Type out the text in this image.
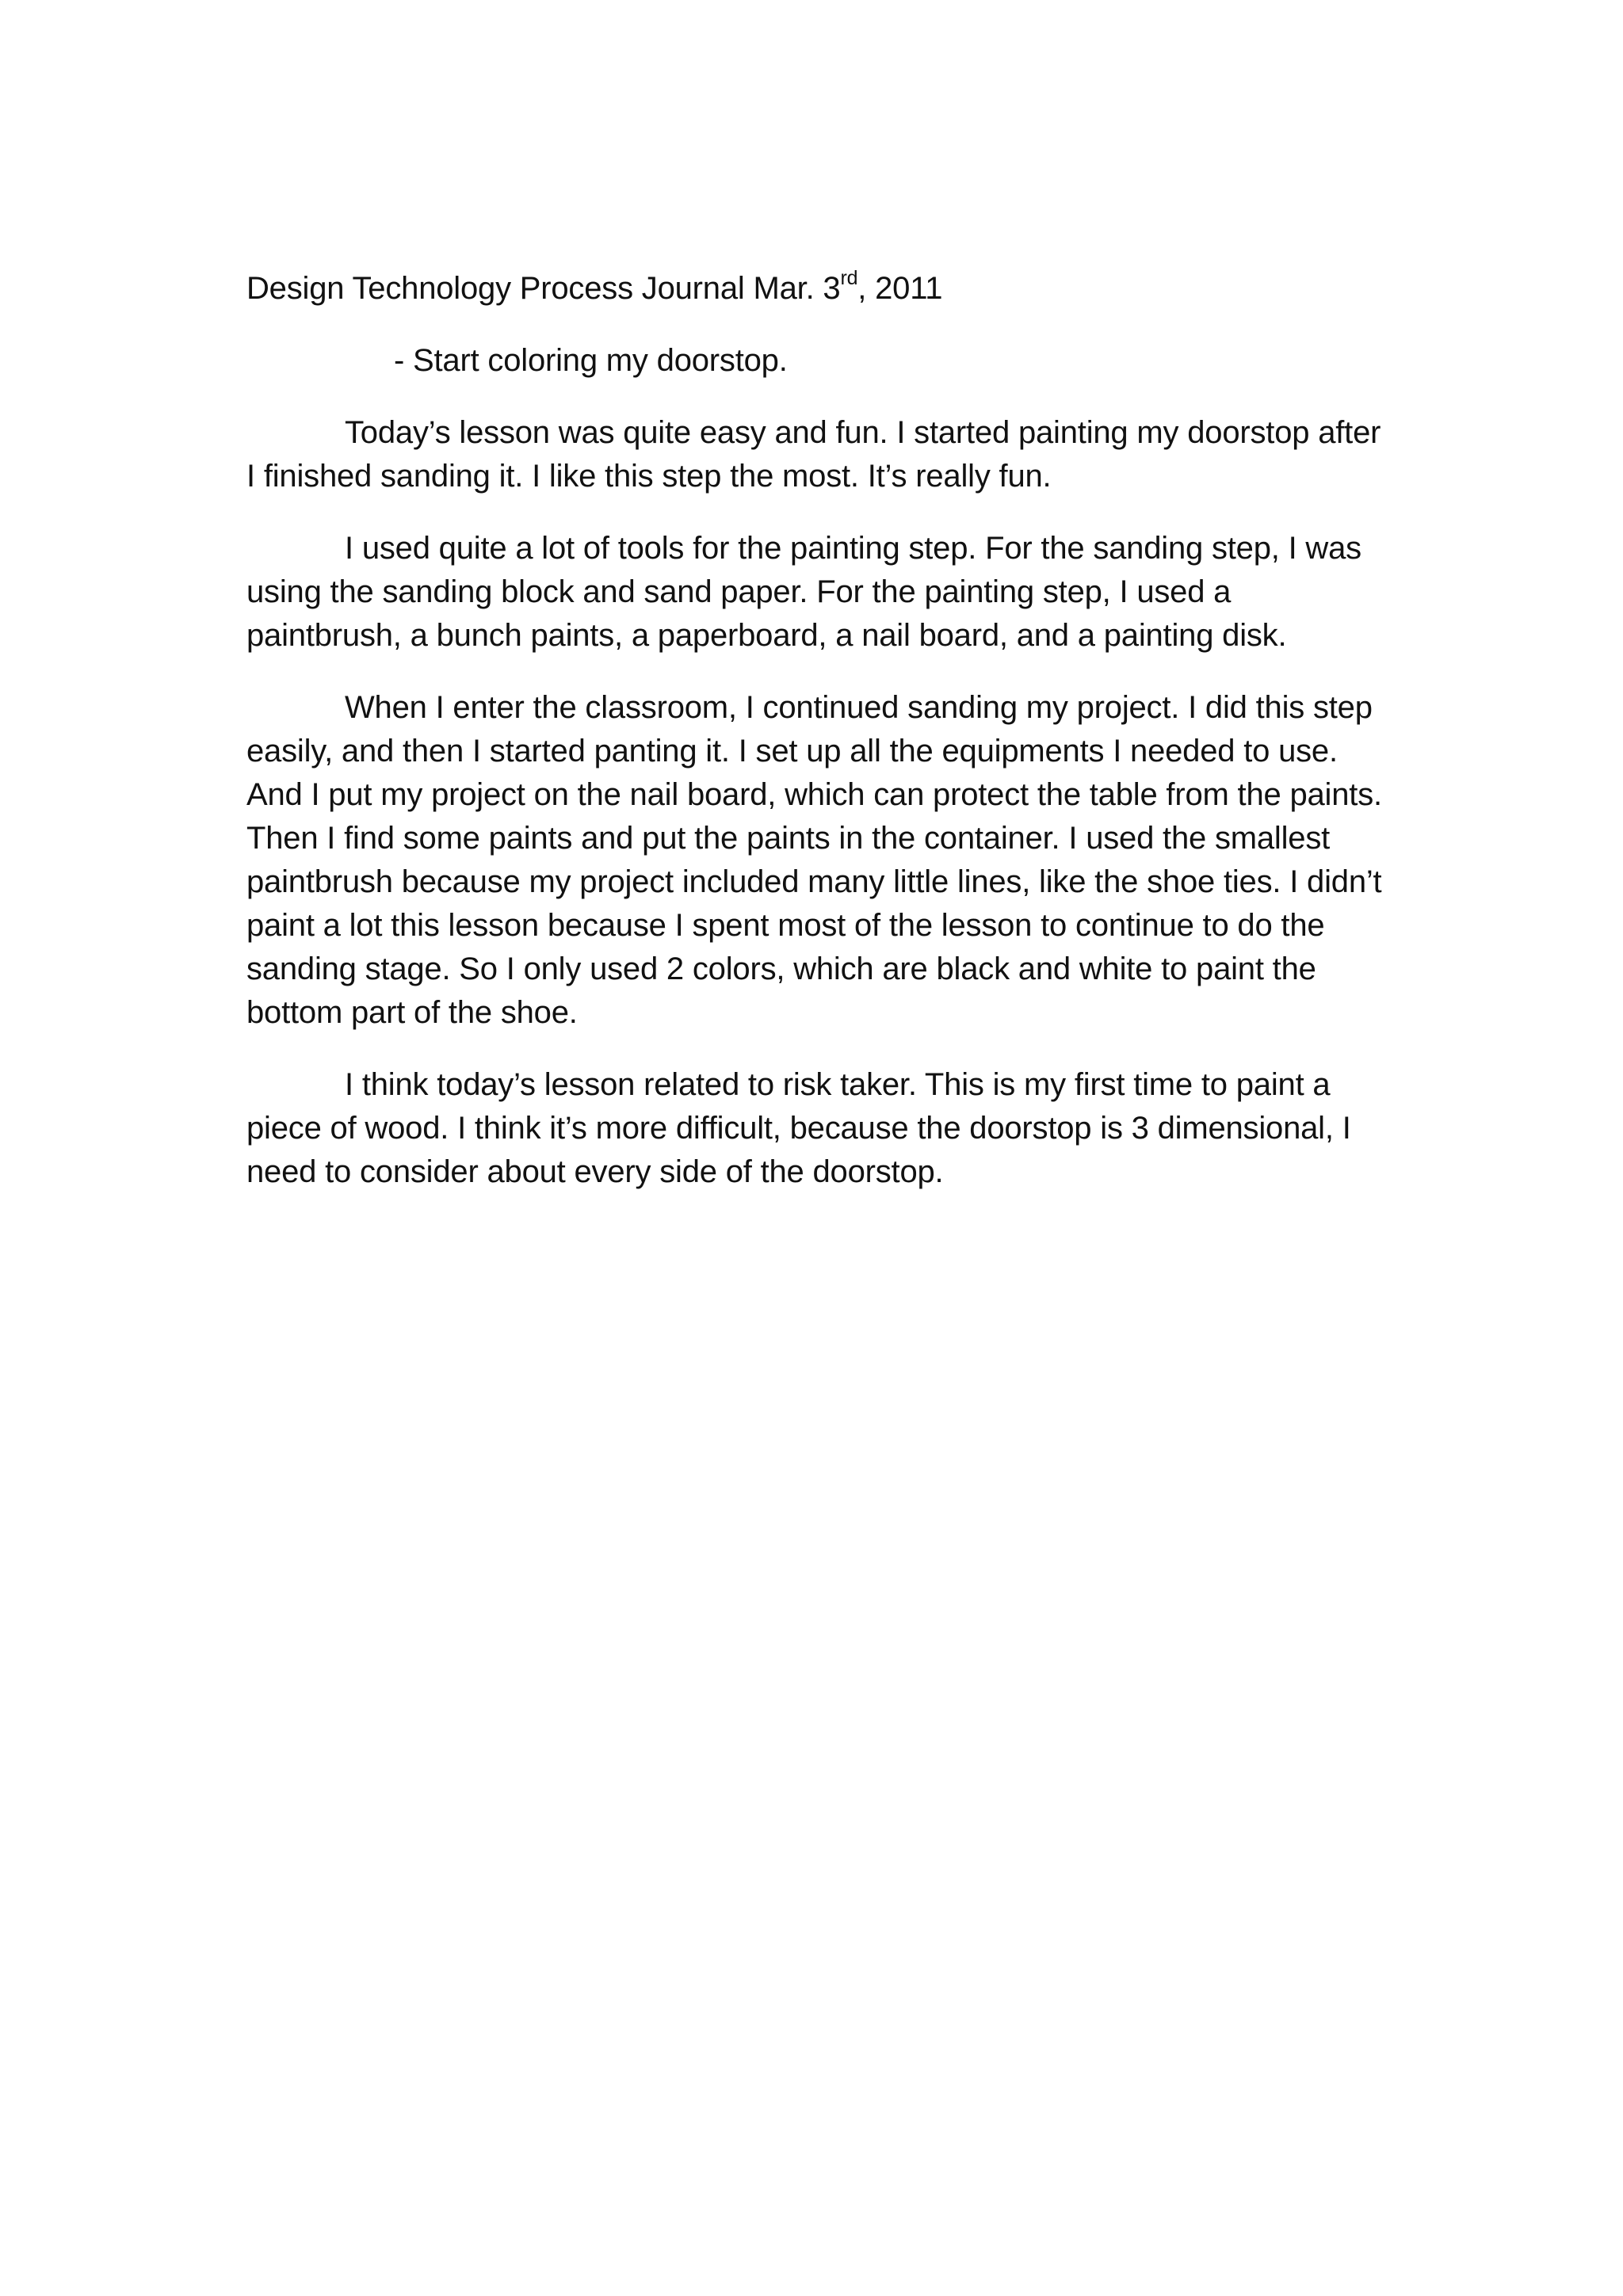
Design Technology Process Journal Mar. 3rd, 2011

- Start coloring my doorstop.

Today’s lesson was quite easy and fun. I started painting my doorstop after I finished sanding it. I like this step the most. It’s really fun.

I used quite a lot of tools for the painting step. For the sanding step, I was using the sanding block and sand paper. For the painting step, I used a paintbrush, a bunch paints, a paperboard, a nail board, and a painting disk.

When I enter the classroom, I continued sanding my project. I did this step easily, and then I started panting it. I set up all the equipments I needed to use. And I put my project on the nail board, which can protect the table from the paints. Then I find some paints and put the paints in the container. I used the smallest paintbrush because my project included many little lines, like the shoe ties. I didn’t paint a lot this lesson because I spent most of the lesson to continue to do the sanding stage. So I only used 2 colors, which are black and white to paint the bottom part of the shoe.

I think today’s lesson related to risk taker. This is my first time to paint a piece of wood. I think it’s more difficult, because the doorstop is 3 dimensional, I need to consider about every side of the doorstop.
